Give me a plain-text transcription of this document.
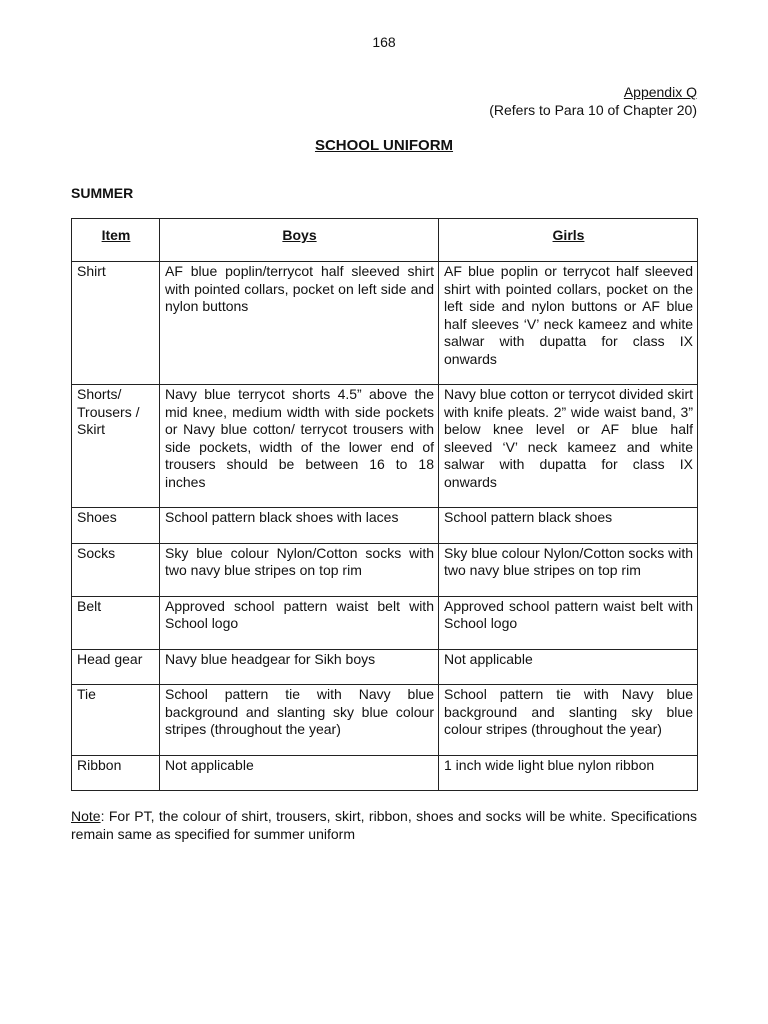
168
Appendix Q
(Refers to Para 10 of Chapter 20)
SCHOOL UNIFORM
SUMMER
Item	Boys	Girls
Shirt	AF blue poplin/terrycot half sleeved shirt with pointed collars, pocket on left side and nylon buttons	AF blue poplin or terrycot half sleeved shirt with pointed collars, pocket on the left side and nylon buttons or AF blue half sleeves ‘V’ neck kameez and white salwar with dupatta for class IX onwards
Shorts/ Trousers / Skirt	Navy blue terrycot shorts 4.5” above the mid knee, medium width with side pockets or Navy blue cotton/ terrycot trousers with side pockets, width of the lower end of trousers should be between 16 to 18 inches	Navy blue cotton or terrycot divided skirt with knife pleats. 2” wide waist band, 3” below knee level or AF blue half sleeved ‘V’ neck kameez and white salwar with dupatta for class IX onwards
Shoes	School pattern black shoes with laces	School pattern black shoes
Socks	Sky blue colour Nylon/Cotton socks with two navy blue stripes on top rim	Sky blue colour Nylon/Cotton socks with two navy blue stripes on top rim
Belt	Approved school pattern waist belt with School logo	Approved school pattern waist belt with School logo
Head gear	Navy blue headgear for Sikh boys	Not applicable
Tie	School pattern tie with Navy blue background and slanting sky blue colour stripes (throughout the year)	School pattern tie with Navy blue background and slanting sky blue colour stripes (throughout the year)
Ribbon	Not applicable	1 inch wide light blue nylon ribbon
Note: For PT, the colour of shirt, trousers, skirt, ribbon, shoes and socks will be white. Specifications remain same as specified for summer uniform
